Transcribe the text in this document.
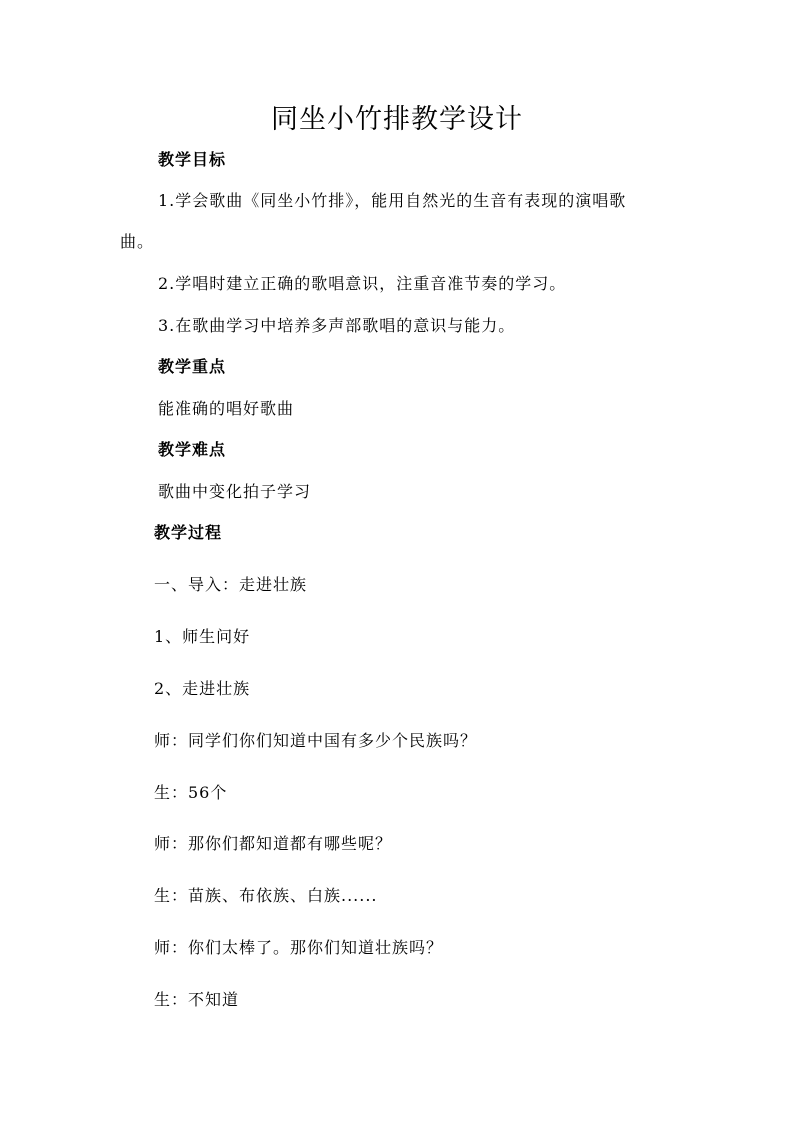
同坐小竹排教学设计
教学目标
1.学会歌曲《同坐小竹排》，能用自然光的生音有表现的演唱歌
曲。
2.学唱时建立正确的歌唱意识，注重音准节奏的学习。
3.在歌曲学习中培养多声部歌唱的意识与能力。
教学重点
能准确的唱好歌曲
教学难点
歌曲中变化拍子学习
教学过程
一、导入：走进壮族
1、师生问好
2、走进壮族
师：同学们你们知道中国有多少个民族吗？
生：56个
师：那你们都知道都有哪些呢？
生：苗族、布依族、白族......
师：你们太棒了。那你们知道壮族吗？
生：不知道
